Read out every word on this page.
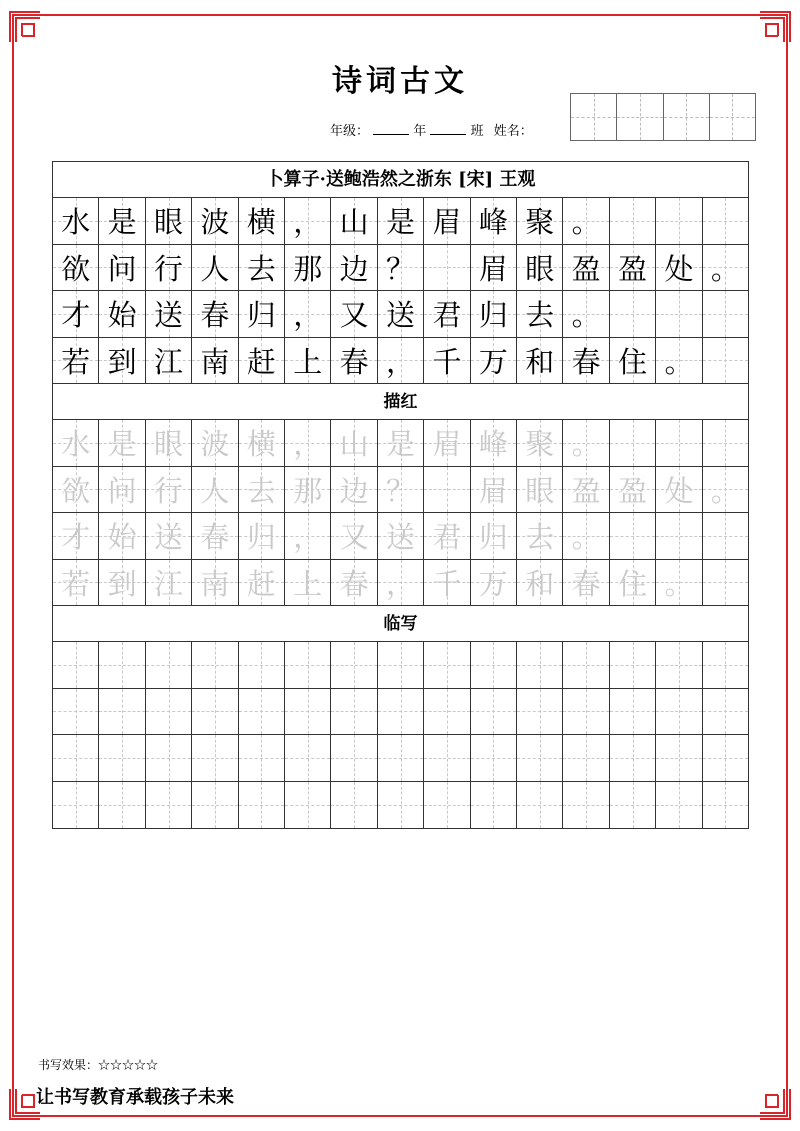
诗词古文
年级：	年	班 姓名：
卜算子·送鲍浩然之浙东 [宋] 王观
水 是 眼 波 横 ， 山 是 眉 峰 聚 。
欲 问 行 人 去 那 边 ？ 眉 眼 盈 盈 处 。
才 始 送 春 归 ， 又 送 君 归 去 。
若 到 江 南 赶 上 春 ， 千 万 和 春 住 。
描红
水 是 眼 波 横 ， 山 是 眉 峰 聚 。
欲 问 行 人 去 那 边 ？ 眉 眼 盈 盈 处 。
才 始 送 春 归 ， 又 送 君 归 去 。
若 到 江 南 赶 上 春 ， 千 万 和 春 住 。
临写
书写效果：☆☆☆☆☆
让书写教育承载孩子未来
